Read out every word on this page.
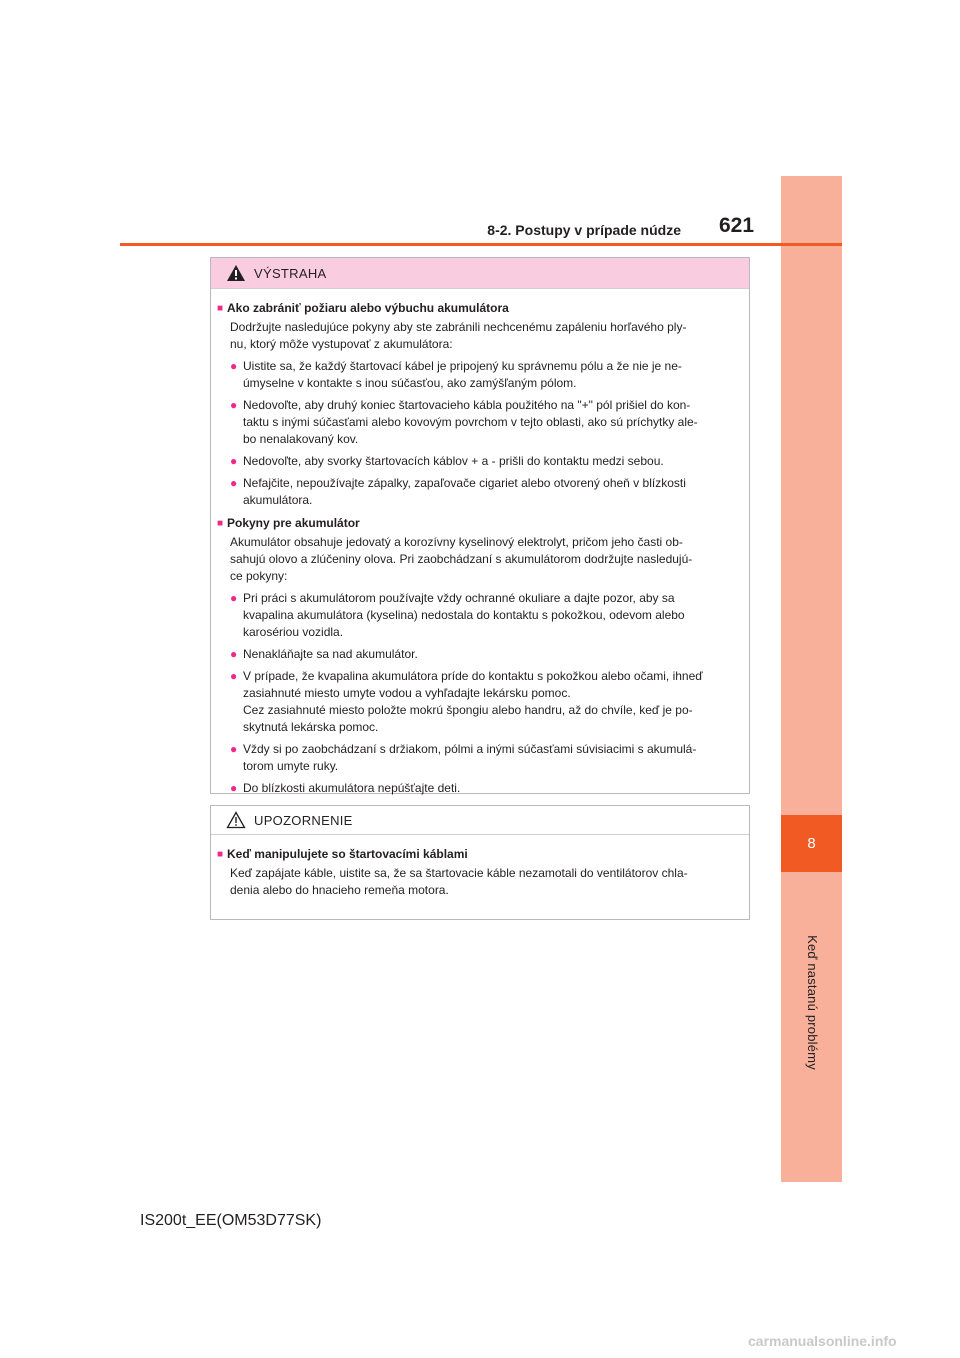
8
Keď nastanú problémy
8-2. Postupy v prípade núdze 621
VÝSTRAHA
■ Ako zabrániť požiaru alebo výbuchu akumulátora
Dodržujte nasledujúce pokyny aby ste zabránili nechcenému zapáleniu horľavého ply-
nu, ktorý môže vystupovať z akumulátora:
● Uistite sa, že každý štartovací kábel je pripojený ku správnemu pólu a že nie je ne-
úmyselne v kontakte s inou súčasťou, ako zamýšľaným pólom.
● Nedovoľte, aby druhý koniec štartovacieho kábla použitého na "+" pól prišiel do kon-
taktu s inými súčasťami alebo kovovým povrchom v tejto oblasti, ako sú príchytky ale-
bo nenalakovaný kov.
● Nedovoľte, aby svorky štartovacích káblov + a - prišli do kontaktu medzi sebou.
● Nefajčite, nepoužívajte zápalky, zapaľovače cigariet alebo otvorený oheň v blízkosti
akumulátora.
■ Pokyny pre akumulátor
Akumulátor obsahuje jedovatý a korozívny kyselinový elektrolyt, pričom jeho časti ob-
sahujú olovo a zlúčeniny olova. Pri zaobchádzaní s akumulátorom dodržujte nasledujú-
ce pokyny:
● Pri práci s akumulátorom používajte vždy ochranné okuliare a dajte pozor, aby sa
kvapalina akumulátora (kyselina) nedostala do kontaktu s pokožkou, odevom alebo
karosériou vozidla.
● Nenakláňajte sa nad akumulátor.
● V prípade, že kvapalina akumulátora príde do kontaktu s pokožkou alebo očami, ihneď
zasiahnuté miesto umyte vodou a vyhľadajte lekársku pomoc.
Cez zasiahnuté miesto položte mokrú špongiu alebo handru, až do chvíle, keď je po-
skytnutá lekárska pomoc.
● Vždy si po zaobchádzaní s držiakom, pólmi a inými súčasťami súvisiacimi s akumulá-
torom umyte ruky.
● Do blízkosti akumulátora nepúšťajte deti.
UPOZORNENIE
■ Keď manipulujete so štartovacími káblami
Keď zapájate káble, uistite sa, že sa štartovacie káble nezamotali do ventilátorov chla-
denia alebo do hnacieho remeňa motora.
IS200t_EE(OM53D77SK)
carmanualsonline.info
